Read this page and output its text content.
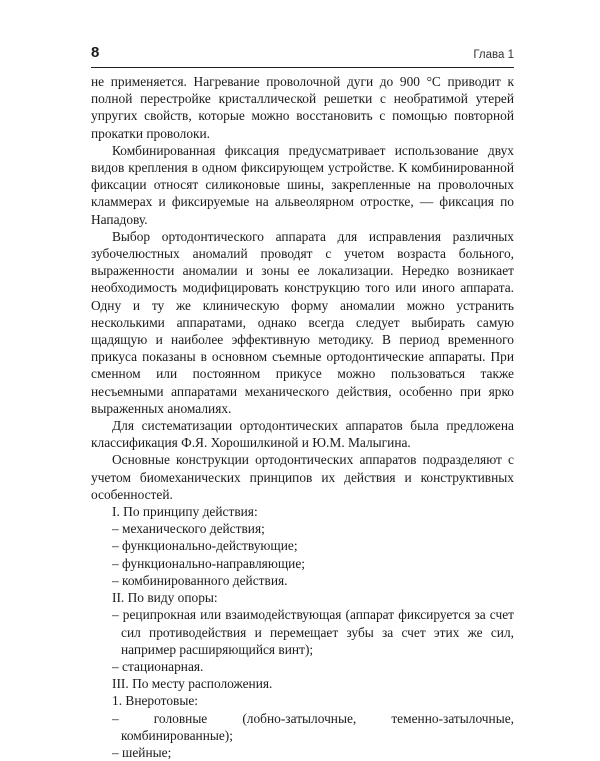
8	Глава 1

не применяется. Нагревание проволочной дуги до 900 °С приводит к полной перестройке кристаллической решетки с необратимой утерей упругих свойств, которые можно восстановить с помощью повторной прокатки проволоки.

Комбинированная фиксация предусматривает использование двух видов крепления в одном фиксирующем устройстве. К комбинированной фиксации относят силиконовые шины, закрепленные на проволочных кламмерах и фиксируемые на альвеолярном отростке, — фиксация по Нападову.

Выбор ортодонтического аппарата для исправления различных зубочелюстных аномалий проводят с учетом возраста больного, выраженности аномалии и зоны ее локализации. Нередко возникает необходимость модифицировать конструкцию того или иного аппарата. Одну и ту же клиническую форму аномалии можно устранить несколькими аппаратами, однако всегда следует выбирать самую щадящую и наиболее эффективную методику. В период временного прикуса показаны в основном съемные ортодонтические аппараты. При сменном или постоянном прикусе можно пользоваться также несъемными аппаратами механического действия, особенно при ярко выраженных аномалиях.

Для систематизации ортодонтических аппаратов была предложена классификация Ф.Я. Хорошилкиной и Ю.М. Малыгина.

Основные конструкции ортодонтических аппаратов подразделяют с учетом биомеханических принципов их действия и конструктивных особенностей.

I. По принципу действия:

– механического действия;

– функционально-действующие;

– функционально-направляющие;

– комбинированного действия.

II. По виду опоры:

– реципрокная или взаимодействующая (аппарат фиксируется за счет сил противодействия и перемещает зубы за счет этих же сил, например расширяющийся винт);

– стационарная.

III. По месту расположения.

1. Внеротовые:

– головные (лобно-затылочные, теменно-затылочные, комбинированные);

– шейные;
